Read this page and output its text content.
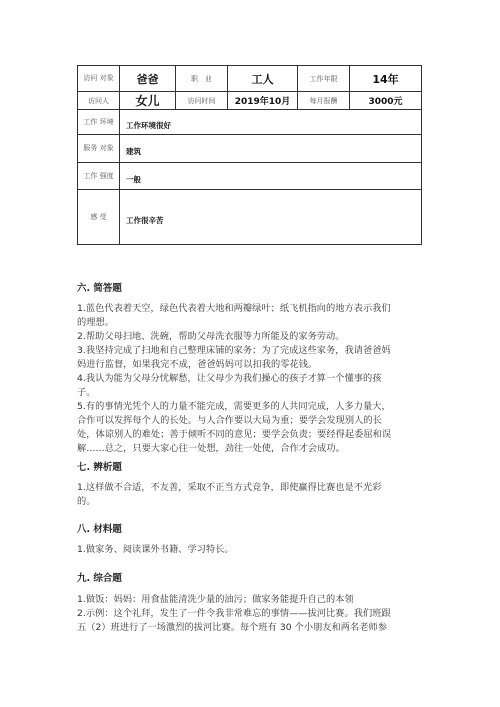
访问 对象	爸爸	职　业	工人	工作年限	14年
访问人	女儿	访问时间	2019年10月	每月报酬	3000元
工作 环境	工作环境很好				
服务 对象	建筑				
工作 强度	一般				
感 受	工作很辛苦				
六. 简答题
1.蓝色代表着天空，绿色代表着大地和两瓣绿叶；纸飞机指向的地方表示我们
的理想。
2.帮助父母扫地、洗碗，帮助父母洗衣服等力所能及的家务劳动。
3.我坚持完成了扫地和自己整理床铺的家务；为了完成这些家务，我请爸爸妈
妈进行监督，如果我完不成，爸爸妈妈可以扣我的零花钱。
4.我认为能为父母分忧解愁，让父母少为我们操心的孩子才算一个懂事的孩
子。
5.有的事情光凭个人的力量不能完成，需要更多的人共同完成，人多力量大，
合作可以发挥每个人的长处。与人合作要以大局为重；要学会发现别人的长
处，体谅别人的难处；善于倾听不同的意见；要学会负责；要经得起委屈和误
解……总之，只要大家心往一处想，劲往一处使，合作才会成功。
七. 辨析题
1.这样做不合适，不友善，采取不正当方式竞争，即使赢得比赛也是不光彩
的。
八. 材料题
1.做家务、阅读课外书籍、学习特长。
九. 综合题
1.做饭：妈妈：用食盐能清洗少量的油污；做家务能提升自己的本领
2.示例：这个礼拜，发生了一件令我非常难忘的事情——拔河比赛。我们班跟
五（2）班进行了一场激烈的拔河比赛。每个班有 30 个小朋友和两名老师参
